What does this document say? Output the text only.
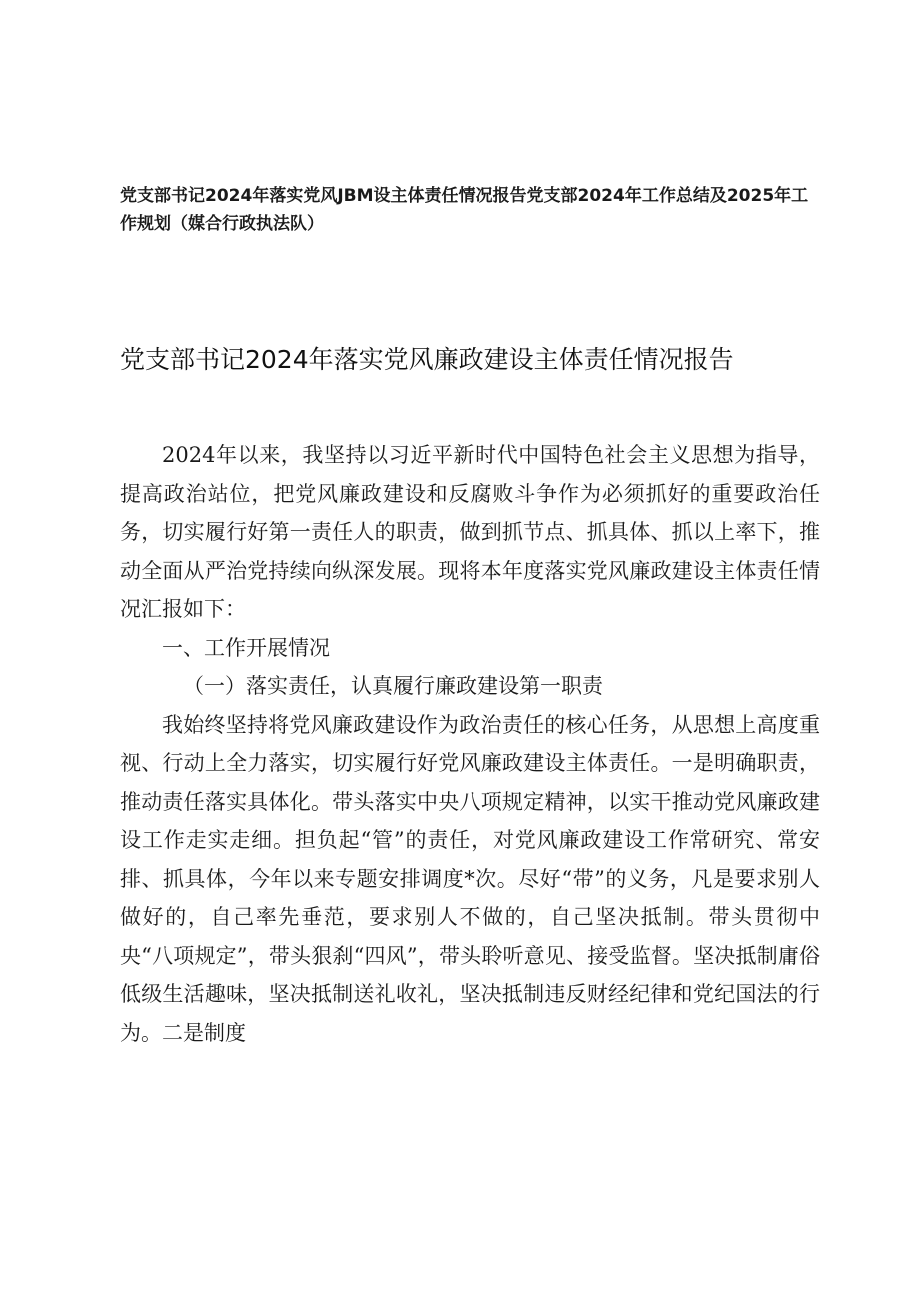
党支部书记2024年落实党风JBM设主体责任情况报告党支部2024年工作总结及2025年工作规划（媒合行政执法队）
党支部书记2024年落实党风廉政建设主体责任情况报告

2024年以来，我坚持以习近平新时代中国特色社会主义思想为指导，提高政治站位，把党风廉政建设和反腐败斗争作为必须抓好的重要政治任务，切实履行好第一责任人的职责，做到抓节点、抓具体、抓以上率下，推动全面从严治党持续向纵深发展。现将本年度落实党风廉政建设主体责任情况汇报如下：

一、工作开展情况

（一）落实责任，认真履行廉政建设第一职责

我始终坚持将党风廉政建设作为政治责任的核心任务，从思想上高度重视、行动上全力落实，切实履行好党风廉政建设主体责任。一是明确职责，推动责任落实具体化。带头落实中央八项规定精神，以实干推动党风廉政建设工作走实走细。担负起“管”的责任，对党风廉政建设工作常研究、常安排、抓具体，今年以来专题安排调度*次。尽好“带”的义务，凡是要求别人做好的，自己率先垂范，要求别人不做的，自己坚决抵制。带头贯彻中央“八项规定”，带头狠刹“四风”，带头聆听意见、接受监督。坚决抵制庸俗低级生活趣味，坚决抵制送礼收礼，坚决抵制违反财经纪律和党纪国法的行为。二是制度
